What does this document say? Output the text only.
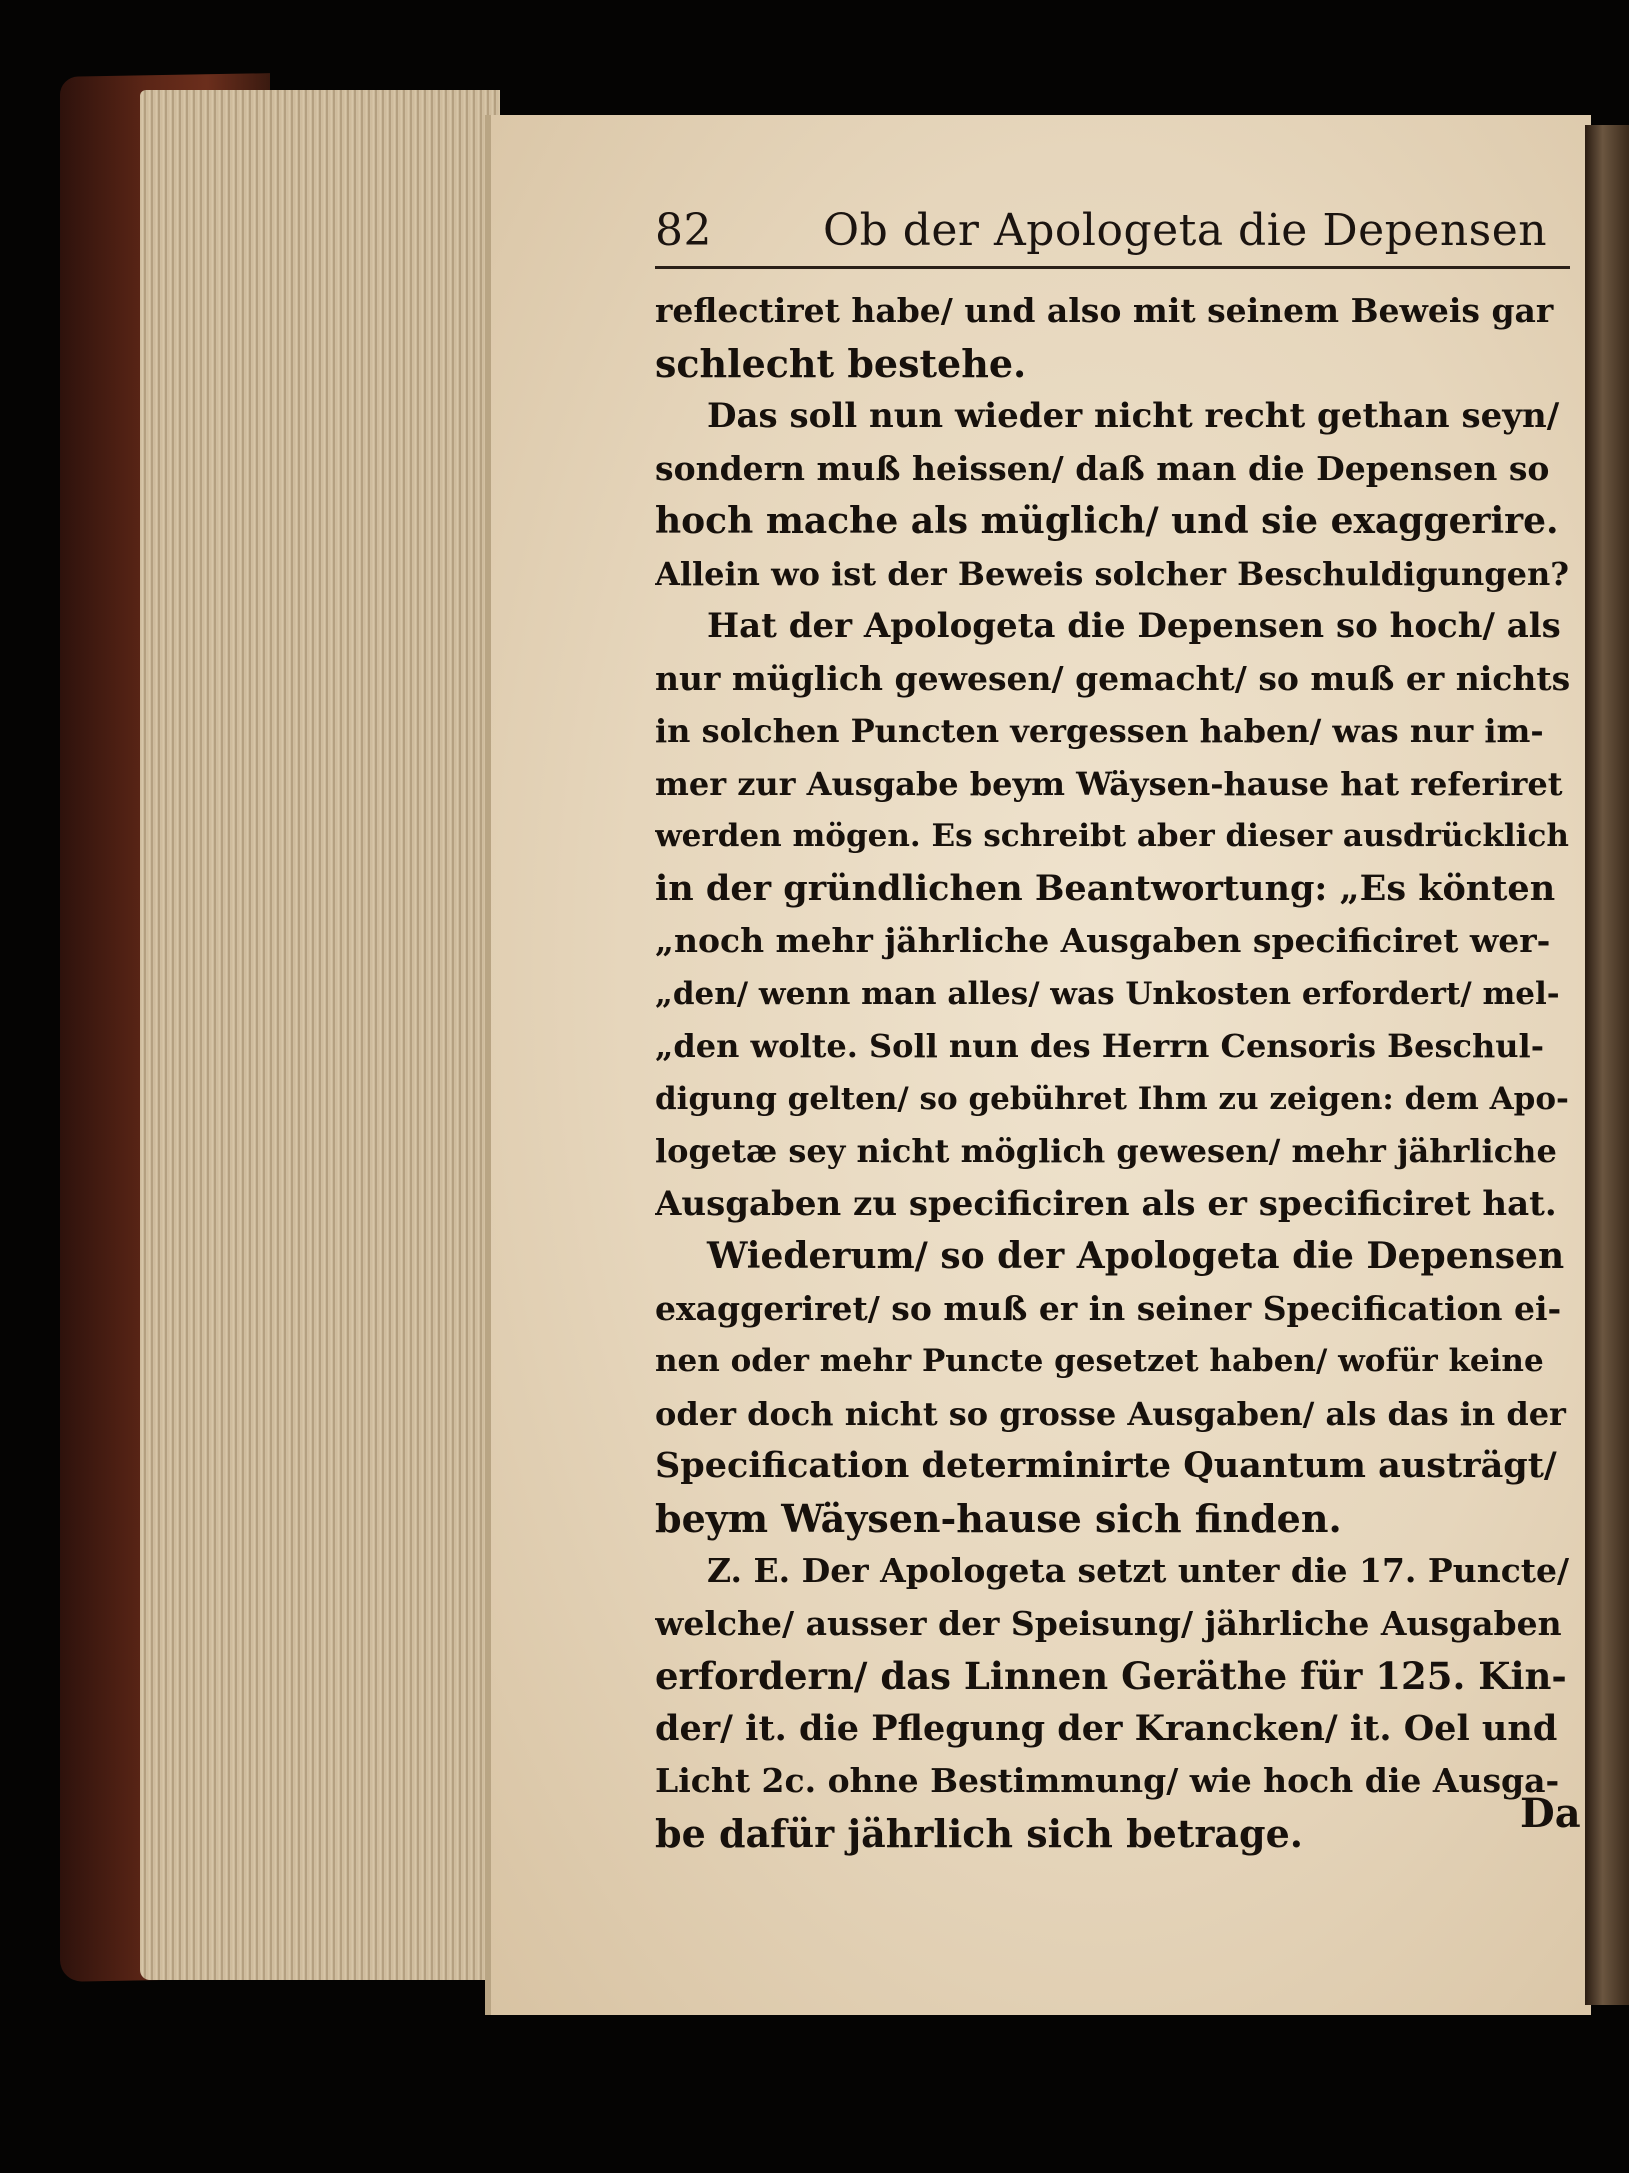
82	Ob der Apologeta die Depensen
reflectiret habe/ und also mit seinem Beweis gar
schlecht bestehe.
Das soll nun wieder nicht recht gethan seyn/
sondern muß heissen/ daß man die Depensen so
hoch mache als müglich/ und sie exaggerire.
Allein wo ist der Beweis solcher Beschuldigungen?
Hat der Apologeta die Depensen so hoch/ als
nur müglich gewesen/ gemacht/ so muß er nichts
in solchen Puncten vergessen haben/ was nur im-
mer zur Ausgabe beym Wäysen-hause hat referiret
werden mögen. Es schreibt aber dieser ausdrücklich
in der gründlichen Beantwortung: „Es könten
„noch mehr jährliche Ausgaben specificiret wer-
„den/ wenn man alles/ was Unkosten erfordert/ mel-
„den wolte. Soll nun des Herrn Censoris Beschul-
digung gelten/ so gebühret Ihm zu zeigen: dem Apo-
logetæ sey nicht möglich gewesen/ mehr jährliche
Ausgaben zu specificiren als er specificiret hat.
Wiederum/ so der Apologeta die Depensen
exaggeriret/ so muß er in seiner Specification ei-
nen oder mehr Puncte gesetzet haben/ wofür keine
oder doch nicht so grosse Ausgaben/ als das in der
Specification determinirte Quantum austrägt/
beym Wäysen-hause sich finden.
Z. E. Der Apologeta setzt unter die 17. Puncte/
welche/ ausser der Speisung/ jährliche Ausgaben
erfordern/ das Linnen Geräthe für 125. Kin-
der/ it. die Pflegung der Krancken/ it. Oel und
Licht 2c. ohne Bestimmung/ wie hoch die Ausga-
be dafür jährlich sich betrage.	Da
